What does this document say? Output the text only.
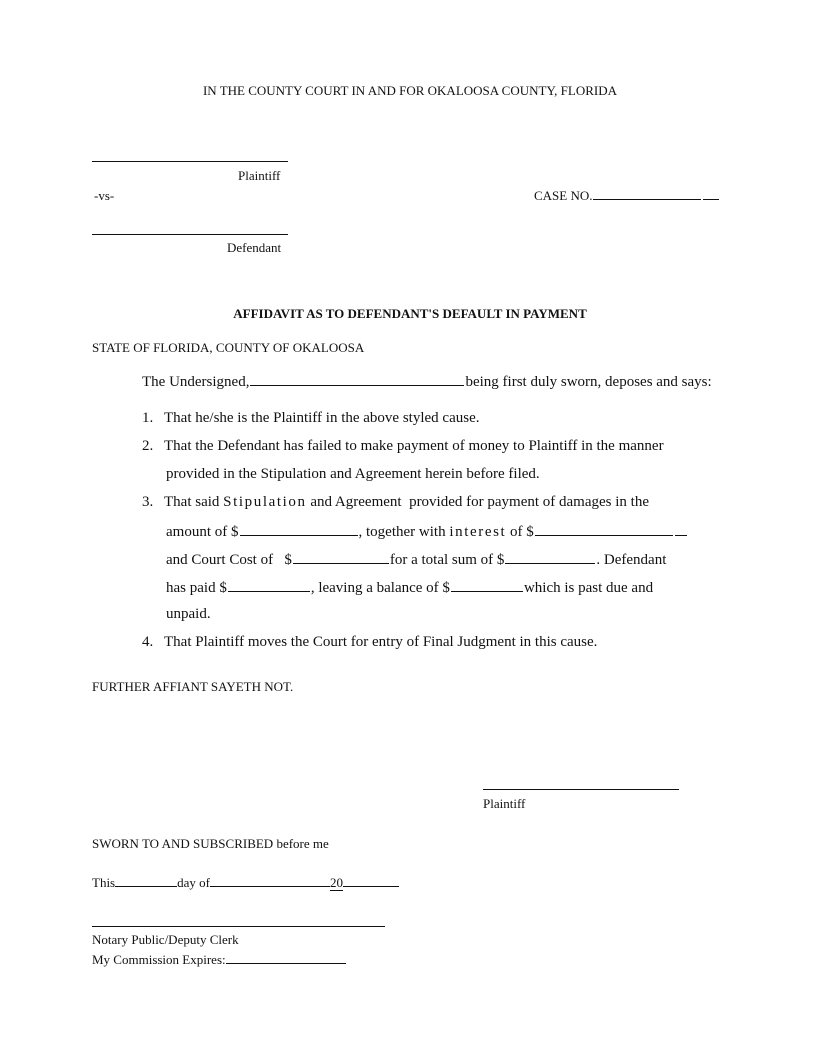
IN THE COUNTY COURT IN AND FOR OKALOOSA COUNTY, FLORIDA
Plaintiff
-vs-	CASE NO.
Defendant
AFFIDAVIT AS TO DEFENDANT'S DEFAULT IN PAYMENT
STATE OF FLORIDA, COUNTY OF OKALOOSA
The Undersigned,	being first duly sworn, deposes and says:
1. That he/she is the Plaintiff in the above styled cause.
2. That the Defendant has failed to make payment of money to Plaintiff in the manner
provided in the Stipulation and Agreement herein before filed.
3. That said Stipulation and Agreement provided for payment of damages in the
amount of $	, together with interest of $
and Court Cost of $	for a total sum of $	. Defendant
has paid $	, leaving a balance of $	which is past due and
unpaid.
4. That Plaintiff moves the Court for entry of Final Judgment in this cause.
FURTHER AFFIANT SAYETH NOT.
Plaintiff
SWORN TO AND SUBSCRIBED before me
This	day of	20
Notary Public/Deputy Clerk
My Commission Expires:
